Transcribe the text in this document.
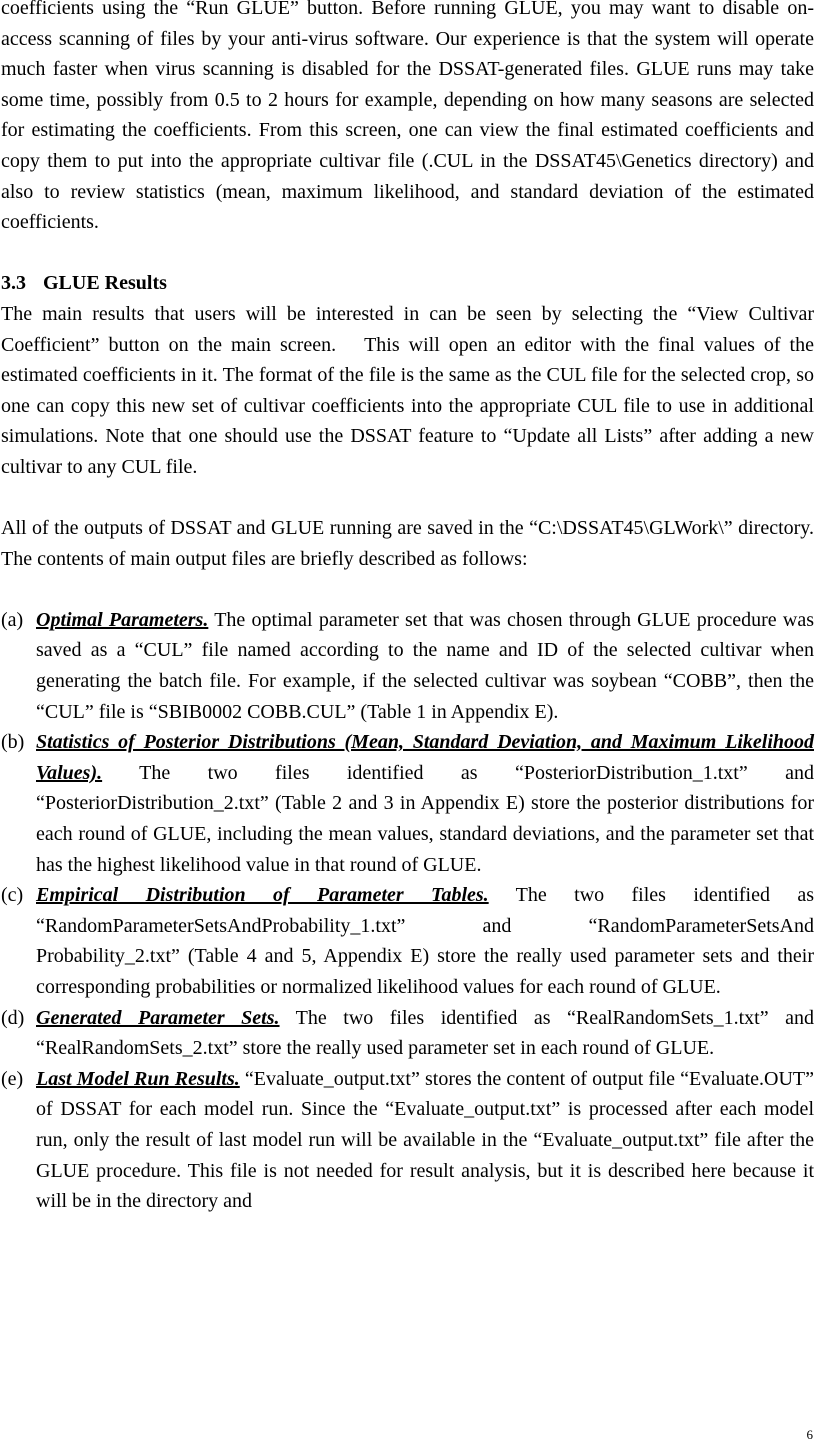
coefficients using the “Run GLUE” button. Before running GLUE, you may want to disable on-access scanning of files by your anti-virus software. Our experience is that the system will operate much faster when virus scanning is disabled for the DSSAT-generated files. GLUE runs may take some time, possibly from 0.5 to 2 hours for example, depending on how many seasons are selected for estimating the coefficients. From this screen, one can view the final estimated coefficients and copy them to put into the appropriate cultivar file (.CUL in the DSSAT45\Genetics directory) and also to review statistics (mean, maximum likelihood, and standard deviation of the estimated coefficients.

3.3 GLUE Results

The main results that users will be interested in can be seen by selecting the “View Cultivar Coefficient” button on the main screen.　This will open an editor with the final values of the estimated coefficients in it. The format of the file is the same as the CUL file for the selected crop, so one can copy this new set of cultivar coefficients into the appropriate CUL file to use in additional simulations. Note that one should use the DSSAT feature to “Update all Lists” after adding a new cultivar to any CUL file.

All of the outputs of DSSAT and GLUE running are saved in the “C:\DSSAT45\GLWork\” directory. The contents of main output files are briefly described as follows:

(a) Optimal Parameters. The optimal parameter set that was chosen through GLUE procedure was saved as a “CUL” file named according to the name and ID of the selected cultivar when generating the batch file. For example, if the selected cultivar was soybean “COBB”, then the “CUL” file is “SBIB0002 COBB.CUL” (Table 1 in Appendix E).
(b) Statistics of Posterior Distributions (Mean, Standard Deviation, and Maximum Likelihood Values). The two files identified as “PosteriorDistribution_1.txt” and “PosteriorDistribution_2.txt” (Table 2 and 3 in Appendix E) store the posterior distributions for each round of GLUE, including the mean values, standard deviations, and the parameter set that has the highest likelihood value in that round of GLUE.
(c) Empirical Distribution of Parameter Tables. The two files identified as “RandomParameterSetsAndProbability_1.txt” and “RandomParameterSetsAnd Probability_2.txt” (Table 4 and 5, Appendix E) store the really used parameter sets and their corresponding probabilities or normalized likelihood values for each round of GLUE.
(d) Generated Parameter Sets. The two files identified as “RealRandomSets_1.txt” and “RealRandomSets_2.txt” store the really used parameter set in each round of GLUE.
(e) Last Model Run Results. “Evaluate_output.txt” stores the content of output file “Evaluate.OUT” of DSSAT for each model run. Since the “Evaluate_output.txt” is processed after each model run, only the result of last model run will be available in the “Evaluate_output.txt” file after the GLUE procedure. This file is not needed for result analysis, but it is described here because it will be in the directory and
6
